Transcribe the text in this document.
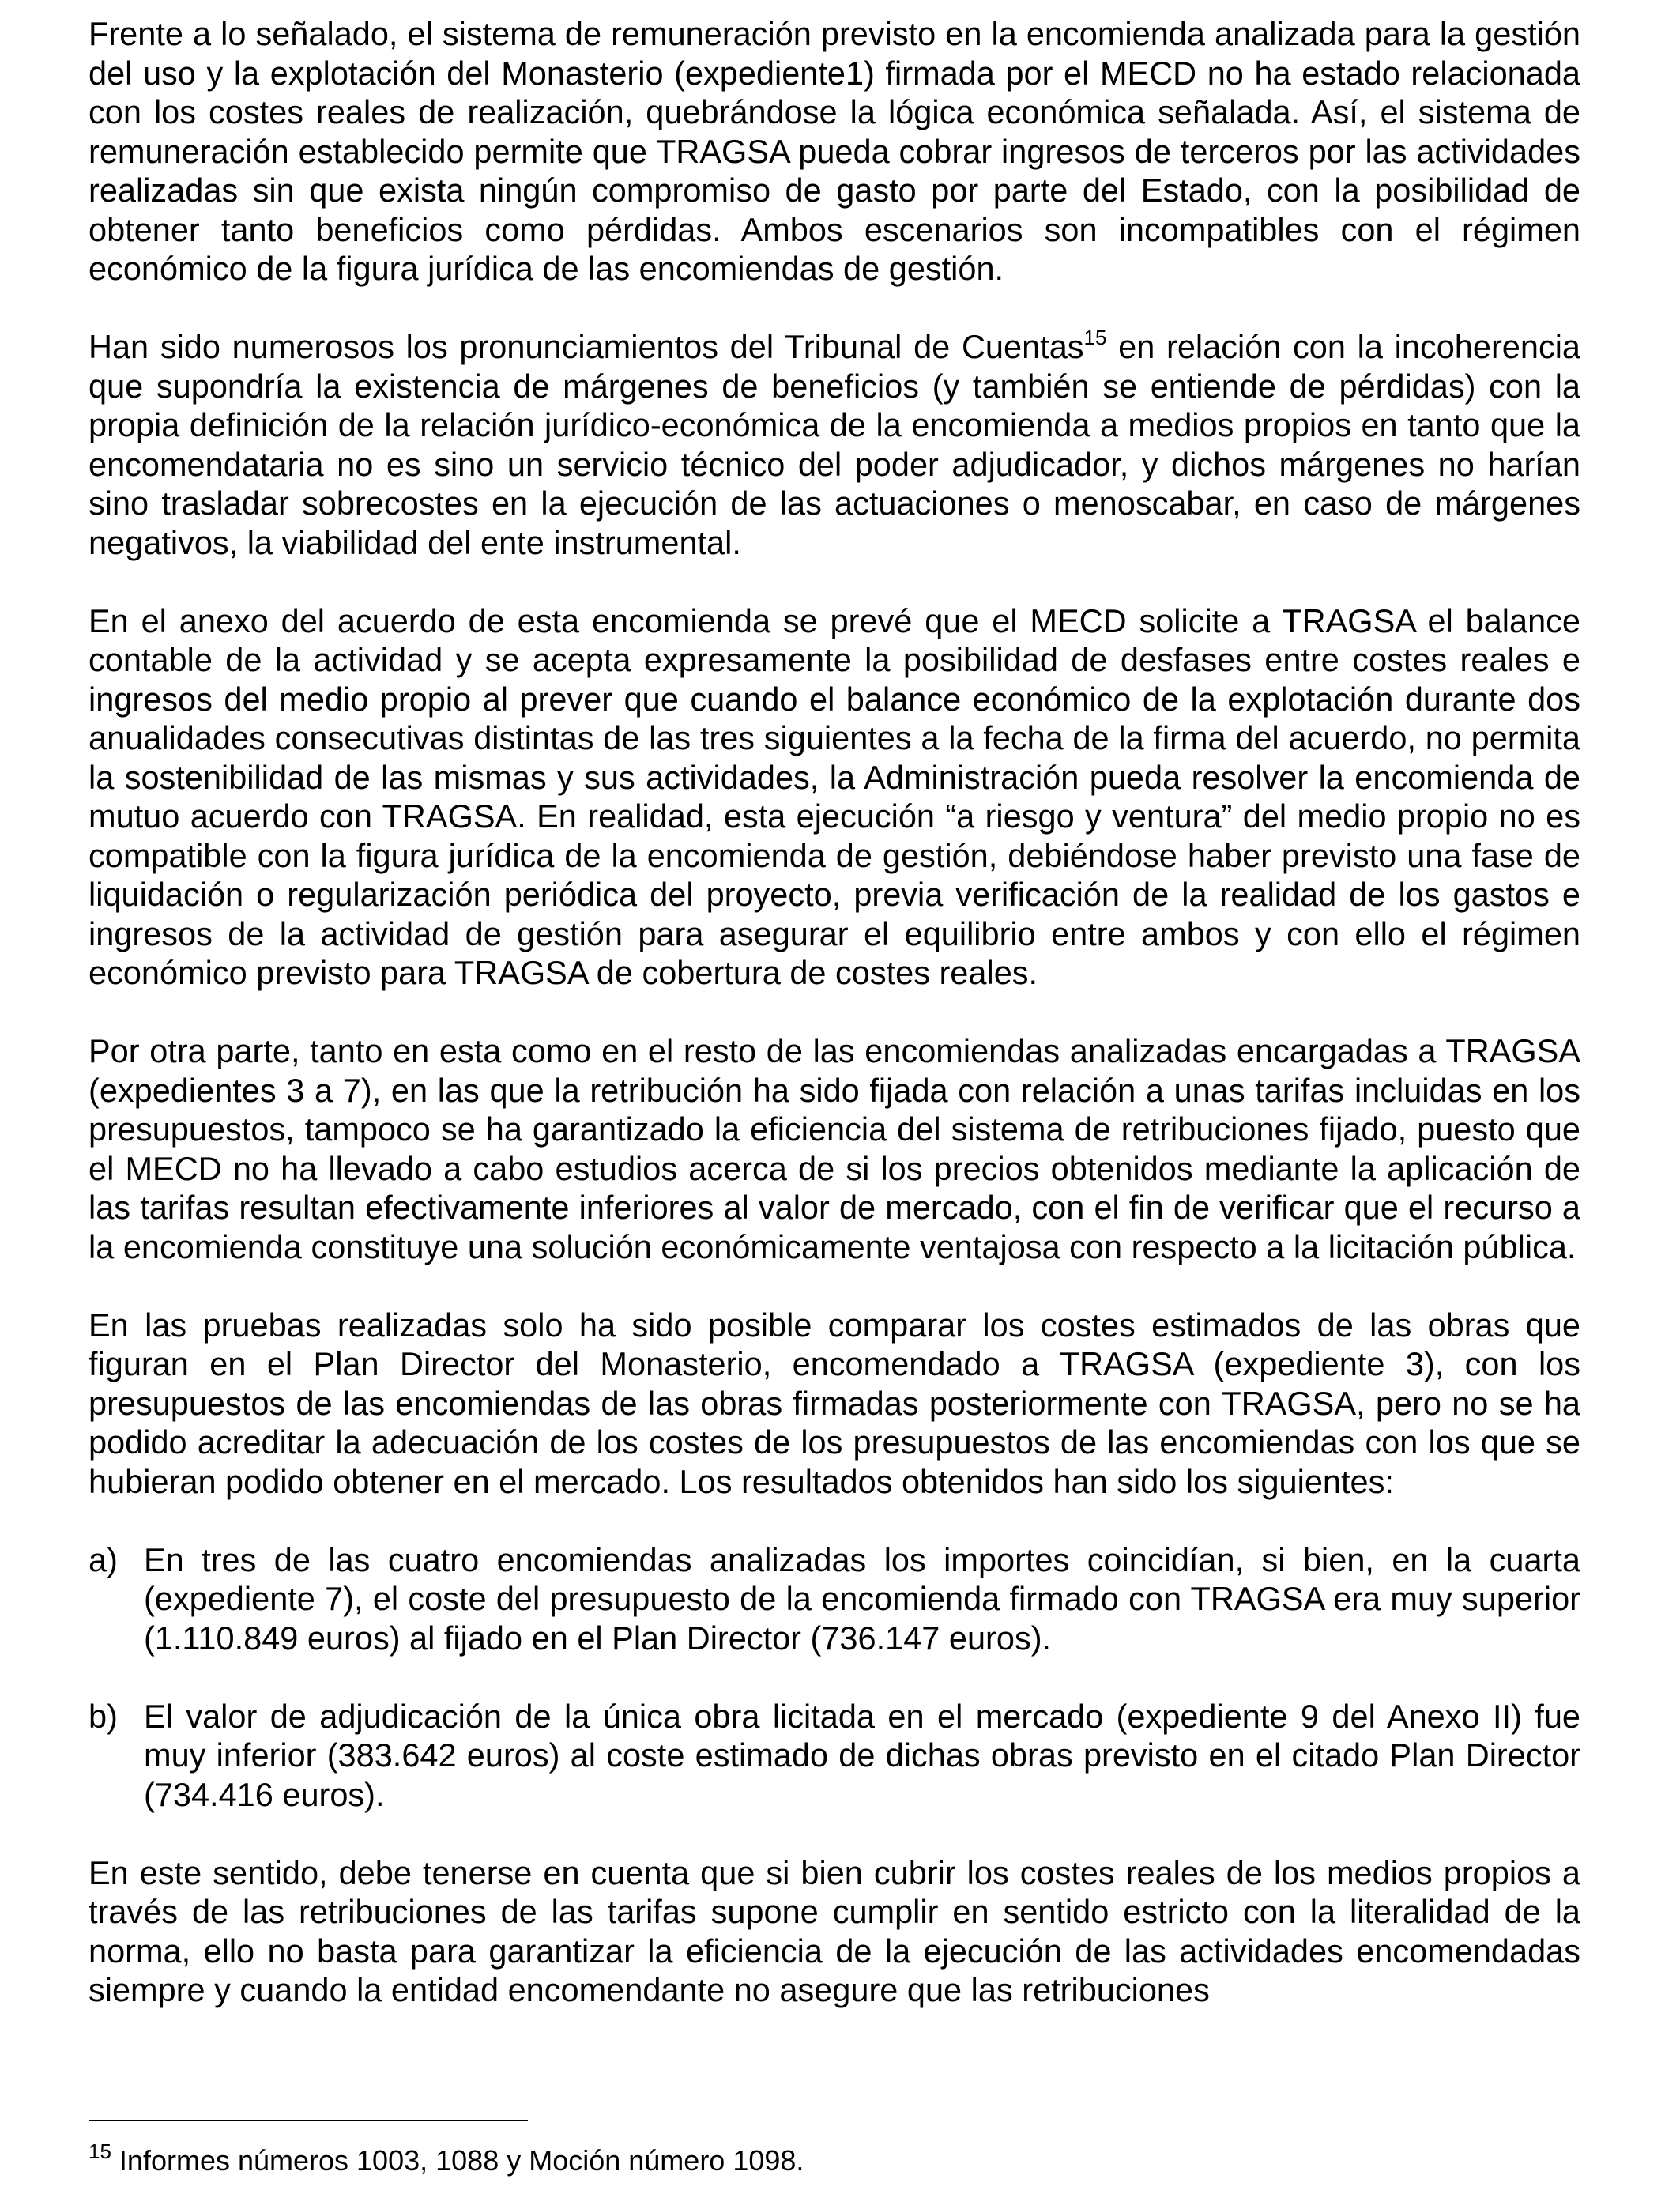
Frente a lo señalado, el sistema de remuneración previsto en la encomienda analizada para la gestión del uso y la explotación del Monasterio (expediente1) firmada por el MECD no ha estado relacionada con los costes reales de realización, quebrándose la lógica económica señalada. Así, el sistema de remuneración establecido permite que TRAGSA pueda cobrar ingresos de terceros por las actividades realizadas sin que exista ningún compromiso de gasto por parte del Estado, con la posibilidad de obtener tanto beneficios como pérdidas. Ambos escenarios son incompatibles con el régimen económico de la figura jurídica de las encomiendas de gestión.

Han sido numerosos los pronunciamientos del Tribunal de Cuentas$^{15}$ en relación con la incoherencia que supondría la existencia de márgenes de beneficios (y también se entiende de pérdidas) con la propia definición de la relación jurídico-económica de la encomienda a medios propios en tanto que la encomendataria no es sino un servicio técnico del poder adjudicador, y dichos márgenes no harían sino trasladar sobrecostes en la ejecución de las actuaciones o menoscabar, en caso de márgenes negativos, la viabilidad del ente instrumental.

En el anexo del acuerdo de esta encomienda se prevé que el MECD solicite a TRAGSA el balance contable de la actividad y se acepta expresamente la posibilidad de desfases entre costes reales e ingresos del medio propio al prever que cuando el balance económico de la explotación durante dos anualidades consecutivas distintas de las tres siguientes a la fecha de la firma del acuerdo, no permita la sostenibilidad de las mismas y sus actividades, la Administración pueda resolver la encomienda de mutuo acuerdo con TRAGSA. En realidad, esta ejecución “a riesgo y ventura” del medio propio no es compatible con la figura jurídica de la encomienda de gestión, debiéndose haber previsto una fase de liquidación o regularización periódica del proyecto, previa verificación de la realidad de los gastos e ingresos de la actividad de gestión para asegurar el equilibrio entre ambos y con ello el régimen económico previsto para TRAGSA de cobertura de costes reales.

Por otra parte, tanto en esta como en el resto de las encomiendas analizadas encargadas a TRAGSA (expedientes 3 a 7), en las que la retribución ha sido fijada con relación a unas tarifas incluidas en los presupuestos, tampoco se ha garantizado la eficiencia del sistema de retribuciones fijado, puesto que el MECD no ha llevado a cabo estudios acerca de si los precios obtenidos mediante la aplicación de las tarifas resultan efectivamente inferiores al valor de mercado, con el fin de verificar que el recurso a la encomienda constituye una solución económicamente ventajosa con respecto a la licitación pública.

En las pruebas realizadas solo ha sido posible comparar los costes estimados de las obras que figuran en el Plan Director del Monasterio, encomendado a TRAGSA (expediente 3), con los presupuestos de las encomiendas de las obras firmadas posteriormente con TRAGSA, pero no se ha podido acreditar la adecuación de los costes de los presupuestos de las encomiendas con los que se hubieran podido obtener en el mercado. Los resultados obtenidos han sido los siguientes:

a) En tres de las cuatro encomiendas analizadas los importes coincidían, si bien, en la cuarta (expediente 7), el coste del presupuesto de la encomienda firmado con TRAGSA era muy superior (1.110.849 euros) al fijado en el Plan Director (736.147 euros).
b) El valor de adjudicación de la única obra licitada en el mercado (expediente 9 del Anexo II) fue muy inferior (383.642 euros) al coste estimado de dichas obras previsto en el citado Plan Director (734.416 euros).

En este sentido, debe tenerse en cuenta que si bien cubrir los costes reales de los medios propios a través de las retribuciones de las tarifas supone cumplir en sentido estricto con la literalidad de la norma, ello no basta para garantizar la eficiencia de la ejecución de las actividades encomendadas siempre y cuando la entidad encomendante no asegure que las retribuciones

$^{15}$ Informes números 1003, 1088 y Moción número 1098.
